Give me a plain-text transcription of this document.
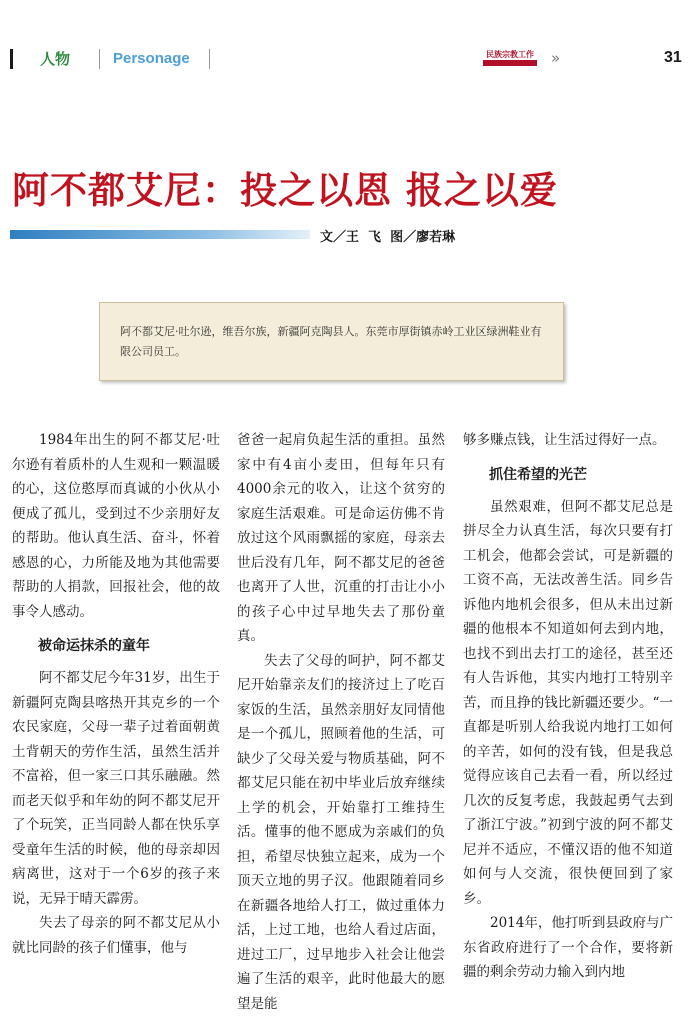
人物	Personage	民族宗教工作 »	31
阿不都艾尼：投之以恩 报之以爱
文／王  飞  图／廖若琳
阿不都艾尼·吐尔逊，维吾尔族，新疆阿克陶县人。东莞市厚街镇赤岭工业区绿洲鞋业有限公司员工。

1984年出生的阿不都艾尼·吐尔逊有着质朴的人生观和一颗温暖的心，这位憨厚而真诚的小伙从小便成了孤儿，受到过不少亲朋好友的帮助。他认真生活、奋斗，怀着感恩的心，力所能及地为其他需要帮助的人捐款，回报社会，他的故事令人感动。

被命运抹杀的童年

阿不都艾尼今年31岁，出生于新疆阿克陶县喀热开其克乡的一个农民家庭，父母一辈子过着面朝黄土背朝天的劳作生活，虽然生活并不富裕，但一家三口其乐融融。然而老天似乎和年幼的阿不都艾尼开了个玩笑，正当同龄人都在快乐享受童年生活的时候，他的母亲却因病离世，这对于一个6岁的孩子来说，无异于晴天霹雳。

失去了母亲的阿不都艾尼从小就比同龄的孩子们懂事，他与

爸爸一起肩负起生活的重担。虽然家中有4亩小麦田，但每年只有4000余元的收入，让这个贫穷的家庭生活艰难。可是命运仿佛不肯放过这个风雨飘摇的家庭，母亲去世后没有几年，阿不都艾尼的爸爸也离开了人世，沉重的打击让小小的孩子心中过早地失去了那份童真。

失去了父母的呵护，阿不都艾尼开始靠亲友们的接济过上了吃百家饭的生活，虽然亲朋好友同情他是一个孤儿，照顾着他的生活，可缺少了父母关爱与物质基础，阿不都艾尼只能在初中毕业后放弃继续上学的机会，开始靠打工维持生活。懂事的他不愿成为亲戚们的负担，希望尽快独立起来，成为一个顶天立地的男子汉。他跟随着同乡在新疆各地给人打工，做过重体力活，上过工地，也给人看过店面，进过工厂，过早地步入社会让他尝遍了生活的艰辛，此时他最大的愿望是能

够多赚点钱，让生活过得好一点。

抓住希望的光芒

虽然艰难，但阿不都艾尼总是拼尽全力认真生活，每次只要有打工机会，他都会尝试，可是新疆的工资不高，无法改善生活。同乡告诉他内地机会很多，但从未出过新疆的他根本不知道如何去到内地，也找不到出去打工的途径，甚至还有人告诉他，其实内地打工特别辛苦，而且挣的钱比新疆还要少。“一直都是听别人给我说内地打工如何的辛苦，如何的没有钱，但是我总觉得应该自己去看一看，所以经过几次的反复考虑，我鼓起勇气去到了浙江宁波。”初到宁波的阿不都艾尼并不适应，不懂汉语的他不知道如何与人交流，很快便回到了家乡。

2014年，他打听到县政府与广东省政府进行了一个合作，要将新疆的剩余劳动力输入到内地
